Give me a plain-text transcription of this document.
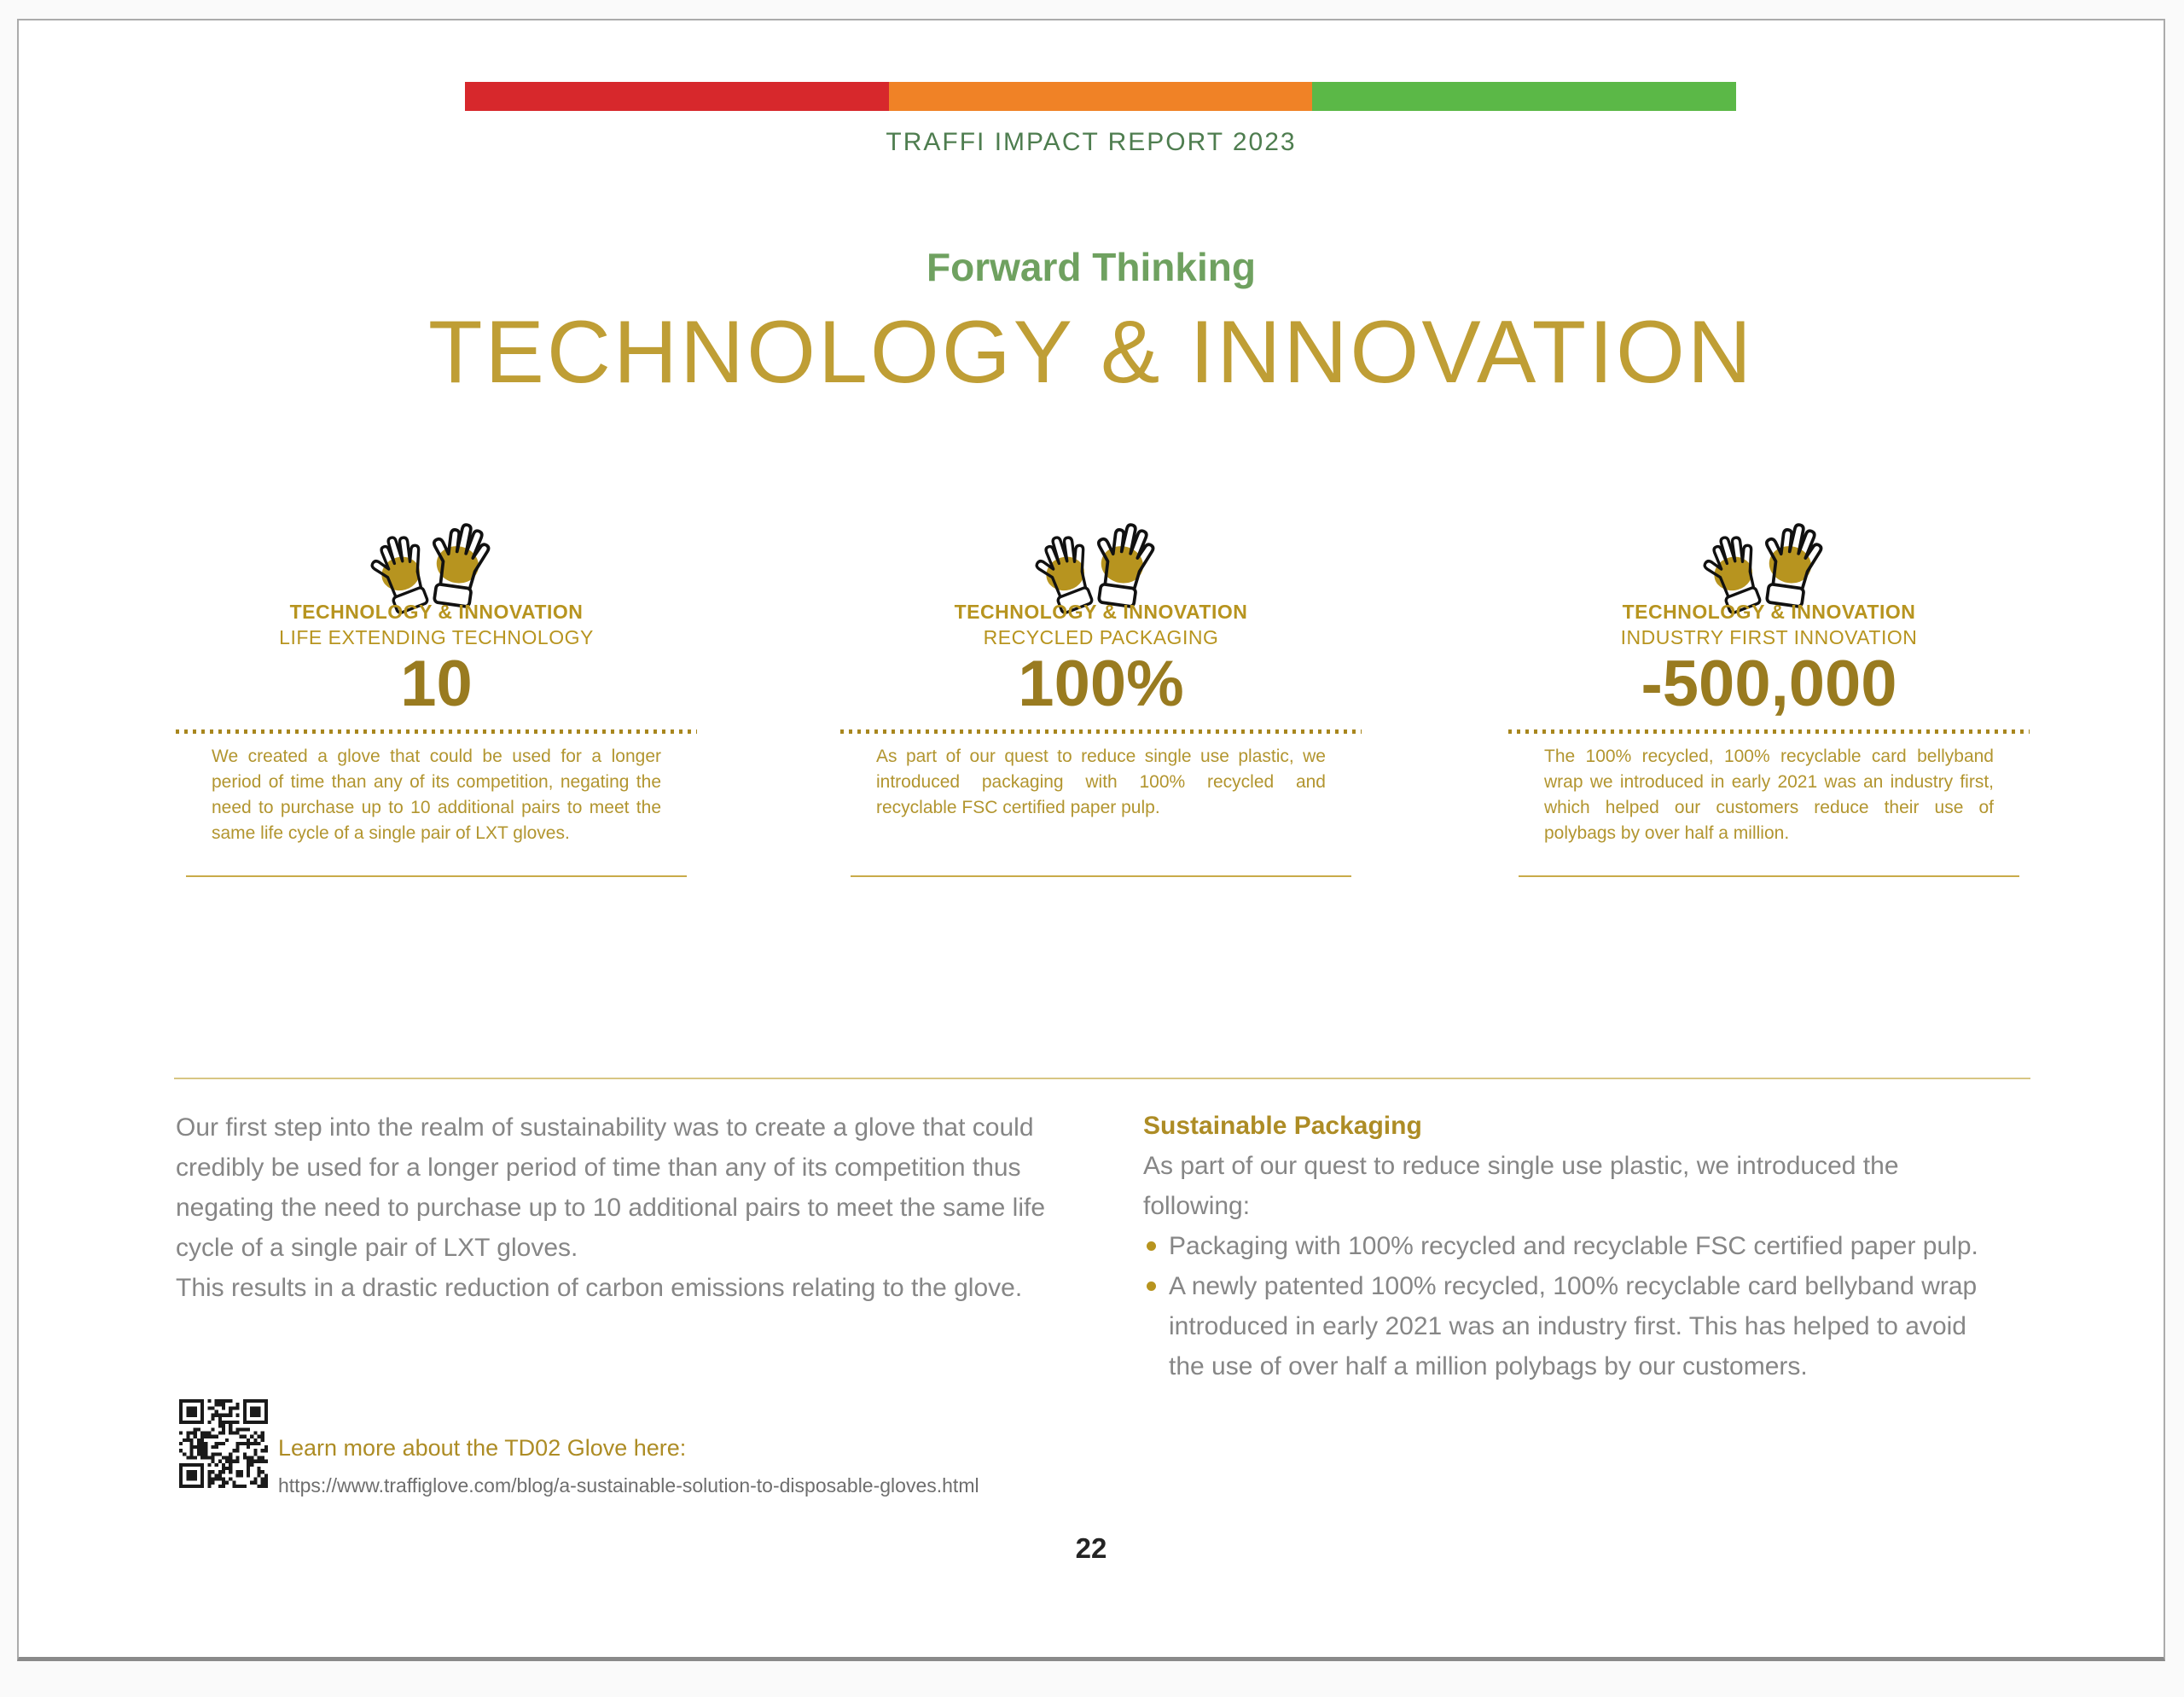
TRAFFI IMPACT REPORT 2023
Forward Thinking
TECHNOLOGY & INNOVATION
TECHNOLOGY & INNOVATION
LIFE EXTENDING TECHNOLOGY
10

We created a glove that could be used for a longer period of time than any of its competition, negating the need to purchase up to 10 additional pairs to meet the same life cycle of a single pair of LXT gloves.

TECHNOLOGY & INNOVATION
RECYCLED PACKAGING
100%

As part of our quest to reduce single use plastic, we introduced packaging with 100% recycled and recyclable FSC certified paper pulp.

TECHNOLOGY & INNOVATION
INDUSTRY FIRST INNOVATION
-500,000

The 100% recycled, 100% recyclable card bellyband wrap we introduced in early 2021 was an industry first, which helped our customers reduce their use of polybags by over half a million.

Our first step into the realm of sustainability was to create a glove that could credibly be used for a longer period of time than any of its competition thus negating the need to purchase up to 10 additional pairs to meet the same life cycle of a single pair of LXT gloves.

This results in a drastic reduction of carbon emissions relating to the glove.

Sustainable Packaging

As part of our quest to reduce single use plastic, we introduced the following:

Packaging with 100% recycled and recyclable FSC certified paper pulp.
A newly patented 100% recycled, 100% recyclable card bellyband wrap introduced in early 2021 was an industry first. This has helped to avoid the use of over half a million polybags by our customers.
Learn more about the TD02 Glove here:
https://www.traffiglove.com/blog/a-sustainable-solution-to-disposable-gloves.html
22
